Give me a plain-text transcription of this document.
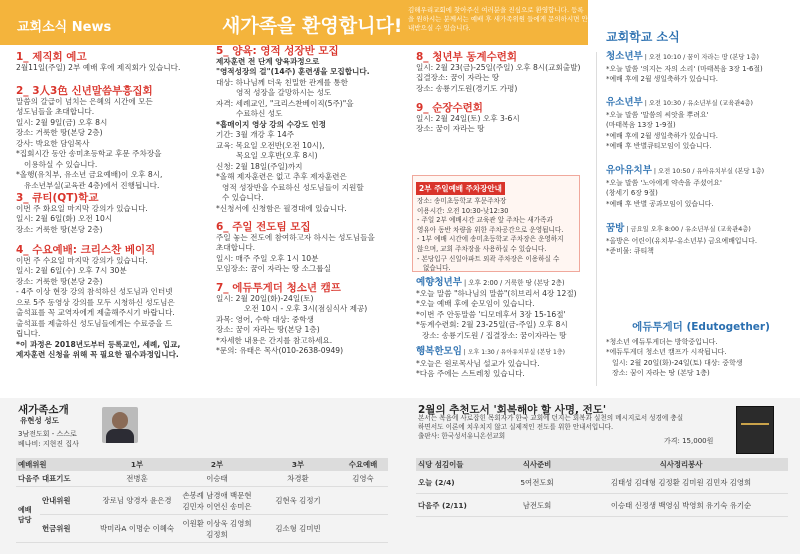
교회소식 News	새가족을 환영합니다!
김해우리교회에 찾아주신 여러분을 진심으로 환영합니다. 등록을 원하시는 분께서는 예배 후 새가족위원 들에게 문의하시면 안내받으실 수 있습니다.
교회학교 소식

1_ 제직회 예고

2월11일(주일) 2부 예배 후에 제직회가 있습니다.

2_ 3人3色 신년말씀부흥집회

말씀의 갈급이 넘치는 은혜의 시간에 모든

성도님들을 초대합니다.

일시: 2월 9일(금) 오후 8시

장소: 거룩한 땅(본당 2층)

강사: 박요한 담임목사

*집회시간 동안 송미초등학교 후문 주차장을

이용하실 수 있습니다.

*올행(유치부, 유소년 금요예배)이 오후 8시,

유소년부실(교육관 4층)에서 진행됩니다.

3_ 큐티(QT)학교

이번 주 화요일 마지막 강의가 있습니다.

일시: 2월 6일(화) 오전 10시

장소: 거룩한 땅(본당 2층)

4_ 수요예배: 크리스찬 베이직

이번 주 수요일 마지막 강의가 있습니다.

일시: 2월 6일(수) 오후 7시 30분

장소: 거룩한 땅(본당 2층)

- 4주 이상 현장 강의 참석하신 성도님과 인터넷

으로 5주 동영상 강의를 모두 시청하신 성도님은

출석표를 꼭 교역자에게 제출해주시기 바랍니다.

출석표를 제출하신 성도님들에게는 수료증을 드

립니다.

*이 과정은 2018년도부터 등록교인, 세례, 입교,

제자훈련 신청을 위해 꼭 필요한 필수과정입니다.

5_ 양육: 영적 성장반 모집

제자훈련 전 단계 양육과정으로

"영적성장의 걸"(14주) 훈련생을 모집합니다.

대상: 하나님께 더욱 친밀한 관계를 통한

영적 성장을 갈망하시는 성도

자격: 세례교인, "크리스찬베이직(5주)"을

수료하신 성도

*흡매이지 영상 강의 수강도 인정

기간: 3월 개강 후 14주

교육: 목요일 오전반(오전 10시),

목요일 오후반(오후 8시)

신청: 2월 18일(주일)까지

*올해 제자훈련은 없고 추후 제자훈련은

영적 성장반을 수료하신 성도님들이 지원할

수 있습니다.

*신청서에 신청함은 필경대에 있습니다.

6_ 주일 전도팀 모집

주일 놓는 전도에 참여하고자 하시는 성도님들을

초대합니다.

일시: 매주 주일 오후 1시 10분

모임장소: 꿈이 자라는 땅 소그룹실

7_ 에듀투게더 청소년 캠프

일시: 2월 20일(화)-24일(토)

오전 10시 - 오후 3시(점심식사 제공)

과목: 영어, 수학 대상: 중학생

장소: 꿈이 자라는 땅(본당 1층)

*자세한 내용은 간지를 참고하세요.

*문의: 유태은 목사(010-2638-0949)

8_ 청년부 동계수련회

일시: 2월 23(금)-25일(주일) 오후 8시(교회출발)

집결장소: 꿈이 자라는 땅

장소: 송룡기도원(경기도 가평)

9_ 순장수련회

일시: 2월 24일(토) 오후 3-6시

장소: 꿈이 자라는 땅

2부 주일예배 주차장안내
장소: 송미초등학교 후문주차장
이용시간: 오전 10:30-낮12:30
- 주일 2부 예배시간 교육관 앞 주차는 새가족과
영유아 동반 차량을 위한 주차공간으로 운영됩니다.
- 1부 예배 시간에 송미초등학교 주차장은 운영하지
않으며, 교회 주차장을 사용하실 수 있습니다.
- 본당입구 신일아파트 외곽 주차장은 이용하실 수
없습니다.

예향청년부 | 오후 2:00 / 거룩한 땅 (본당 2층)

*오늘 말씀 "하나님의 말씀"(히브리서 4장 12절)

*오늘 예배 후에 순모임이 있습니다.

*이번 주 안동말씀 '디모데후서 3장 15-16절'

*동계수련회: 2월 23-25일(금-주일) 오후 8시

장소: 송룡기도원 / 집결장소: 꿈이자라는 땅

행복한모임 | 오후 1:30 / 유아유치부실 (본당 1층)

*오늘은 원로목사님 설교가 있습니다.

*다음 주에는 스트레칭 있습니다.

청소년부 | 오전 10:10 / 꿈이 자라는 땅 (본당 1층)

*오늘 말씀 '의지는 자의 소리' (마태복음 3장 1-6절)

*예배 후에 2월 생일축하가 있습니다.

유소년부 | 오전 10:30 / 유소년부실 (교육관4층)

*오늘 말씀 '말씀의 씨앗을 뿌려요'

(마태복음 13장 1-9절)

*예배 후에 2월 생일축하가 있습니다.

*예배 후 반별큐티모임이 있습니다.

유아유치부 | 오전 10:50 / 유아유치부실 (본당 1층)

*오늘 말씀 '노아에게 약속을 주셨어요'

(창세기 6장 9절)

*예배 후 반별 공과모임이 있습니다.

꿈방 | 금요일 오후 8:00 / 유소년부실 (교육관4층)

*올방은 어린이(유치부-유소년부) 금요예배입니다.

*준비물: 큐티책

에듀투게더 (Edutogether)

*청소년 에듀투게더는 방학중입니다.

*에듀투게더 청소년 캠프가 시작됩니다.

일시: 2월 20일(화)-24일(토) 대상: 중학생

장소: 꿈이 자라는 땅 (본당 1층)

새가족소개
유현성 성도
3남전도회 - 스스로
베나비: 지현진 집사
2월의 추천도서 '회복해야 할 사명, 전도'
본서는 복음에 사로잡힌 목회자가 한국 교회에 던지는 회복과 실천의 메시지로서 성경에 충실
하면서도 이론에 치우치지 않고 실제적인 전도를 위한 안내서입니다.
출판사: 한국성서유니온선교회
가격: 15,000원
예배위원		1부	2부	3부	수요예배
다음주 대표기도		전병훈	이승태	차경환	김영숙
예배 담당	안내위원	장로님 양경자 윤은경	손봉례 남경애 백문현 김민자 이연신 송미은	김현욱 김정기	
	헌금위원	박미라A 이명순 이혜숙	이원환 이상욱 김영희 김정희	김소형 김미빈	
식당 섬김이들	식사준비	식사정리봉사
오늘 (2/4)	5여전도회	김태성 김대형 김정환 김미원 김민자 김영희
다음주 (2/11)	남전도회	이승태 신정생 백영심 박영희 유기숙 유기순
